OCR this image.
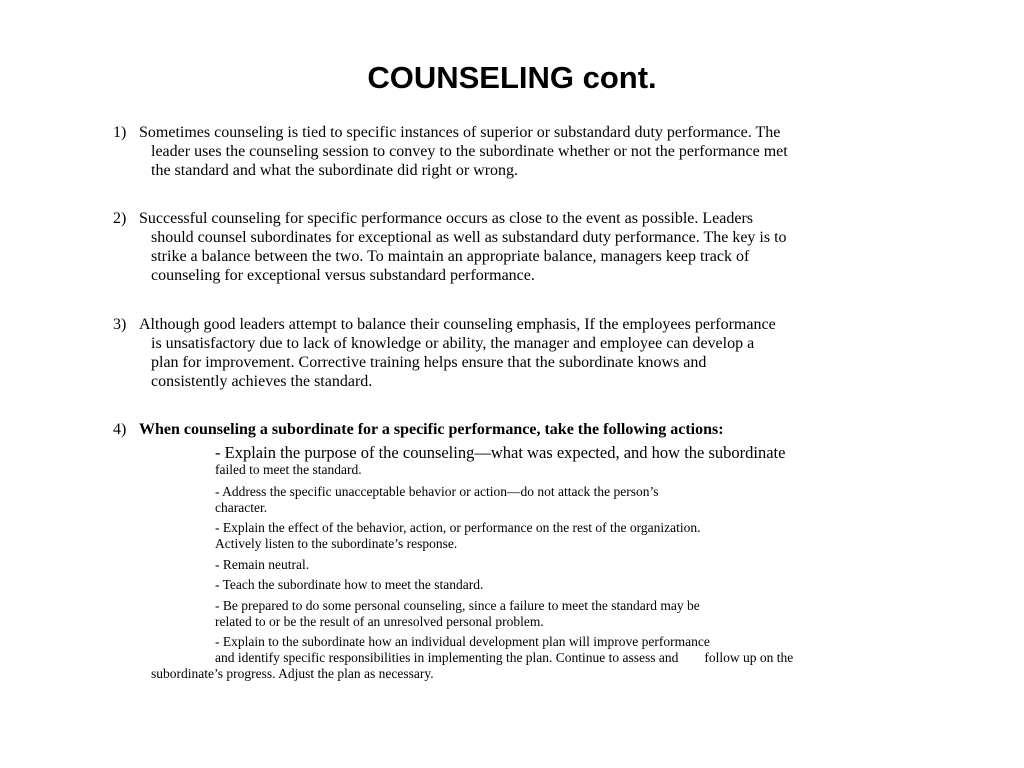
COUNSELING cont.
1) Sometimes counseling is tied to specific instances of superior or substandard duty performance. The
leader uses the counseling session to convey to the subordinate whether or not the performance met
the standard and what the subordinate did right or wrong.
2) Successful counseling for specific performance occurs as close to the event as possible. Leaders
should counsel subordinates for exceptional as well as substandard duty performance. The key is to
strike a balance between the two. To maintain an appropriate balance, managers keep track of
counseling for exceptional versus substandard performance.
3) Although good leaders attempt to balance their counseling emphasis, If the employees performance
is unsatisfactory due to lack of knowledge or ability, the manager and employee can develop a
plan for improvement. Corrective training helps ensure that the subordinate knows and
consistently achieves the standard.
4) When counseling a subordinate for a specific performance, take the following actions:
- Explain the purpose of the counseling—what was expected, and how the subordinate
failed to meet the standard.
- Address the specific unacceptable behavior or action—do not attack the person’s
character.
- Explain the effect of the behavior, action, or performance on the rest of the organization.
Actively listen to the subordinate’s response.
- Remain neutral.
- Teach the subordinate how to meet the standard.
- Be prepared to do some personal counseling, since a failure to meet the standard may be
related to or be the result of an unresolved personal problem.
- Explain to the subordinate how an individual development plan will improve performance
and identify specific responsibilities in implementing the plan. Continue to assess and follow up on the
subordinate’s progress. Adjust the plan as necessary.
